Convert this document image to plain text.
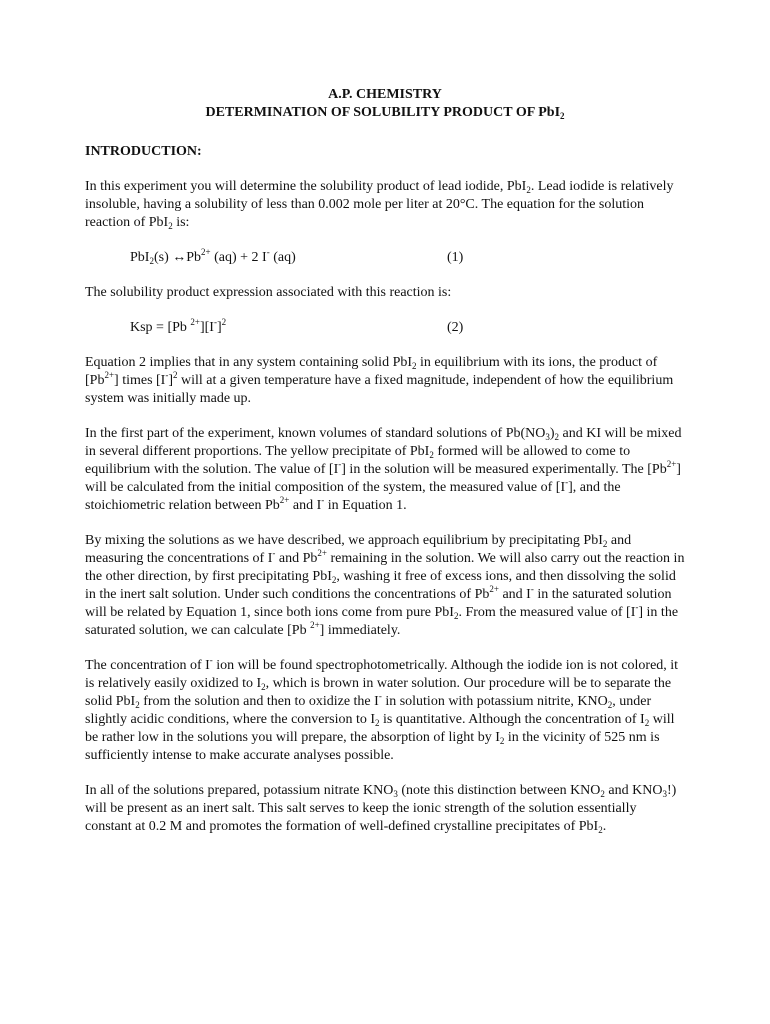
A.P. CHEMISTRY
DETERMINATION OF SOLUBILITY PRODUCT OF PbI$_2$
INTRODUCTION:

In this experiment you will determine the solubility product of lead iodide, PbI$_2$. Lead iodide is relatively insoluble, having a solubility of less than 0.002 mole per liter at 20°C. The equation for the solution reaction of PbI$_2$ is:

PbI$_2$(s) $\leftrightarrow Pb^{2+}$ (aq) + 2 I- (aq)	(1)

The solubility product expression associated with this reaction is:

Ksp = [Pb $^{2+}][I^-]^2$	(2)

Equation 2 implies that in any system containing solid PbI$_2$ in equilibrium with its ions, the product of $[Pb^{2+}]$ times $[I^-]^2$ will at a given temperature have a fixed magnitude, independent of how the equilibrium system was initially made up.

In the first part of the experiment, known volumes of standard solutions of $Pb(NO_3)_2$ and KI will be mixed in several different proportions. The yellow precipitate of PbI$_2$ formed will be allowed to come to equilibrium with the solution. The value of [I-] in the solution will be measured experimentally. The $[Pb^{2+}]$ will be calculated from the initial composition of the system, the measured value of [I-], and the stoichiometric relation between $Pb^{2+}$ and I- in Equation 1.

By mixing the solutions as we have described, we approach equilibrium by precipitating PbI$_2$ and measuring the concentrations of I- and $Pb^{2+}$ remaining in the solution. We will also carry out the reaction in the other direction, by first precipitating PbI$_2$, washing it free of excess ions, and then dissolving the solid in the inert salt solution. Under such conditions the concentrations of $Pb^{2+}$ and I- in the saturated solution will be related by Equation 1, since both ions come from pure PbI$_2$. From the measured value of [I-] in the saturated solution, we can calculate [Pb $^{2+}$] immediately.

The concentration of I- ion will be found spectrophotometrically. Although the iodide ion is not colored, it is relatively easily oxidized to $I_2$, which is brown in water solution. Our procedure will be to separate the solid PbI$_2$ from the solution and then to oxidize the I- in solution with potassium nitrite, $KNO_2$, under slightly acidic conditions, where the conversion to $I_2$ is quantitative. Although the concentration of $I_2$ will be rather low in the solutions you will prepare, the absorption of light by $I_2$ in the vicinity of 525 nm is sufficiently intense to make accurate analyses possible.

In all of the solutions prepared, potassium nitrate $KNO_3$ (note this distinction between $KNO_2$ and $KNO_3$!) will be present as an inert salt. This salt serves to keep the ionic strength of the solution essentially constant at 0.2 M and promotes the formation of well-defined crystalline precipitates of PbI$_2$.
